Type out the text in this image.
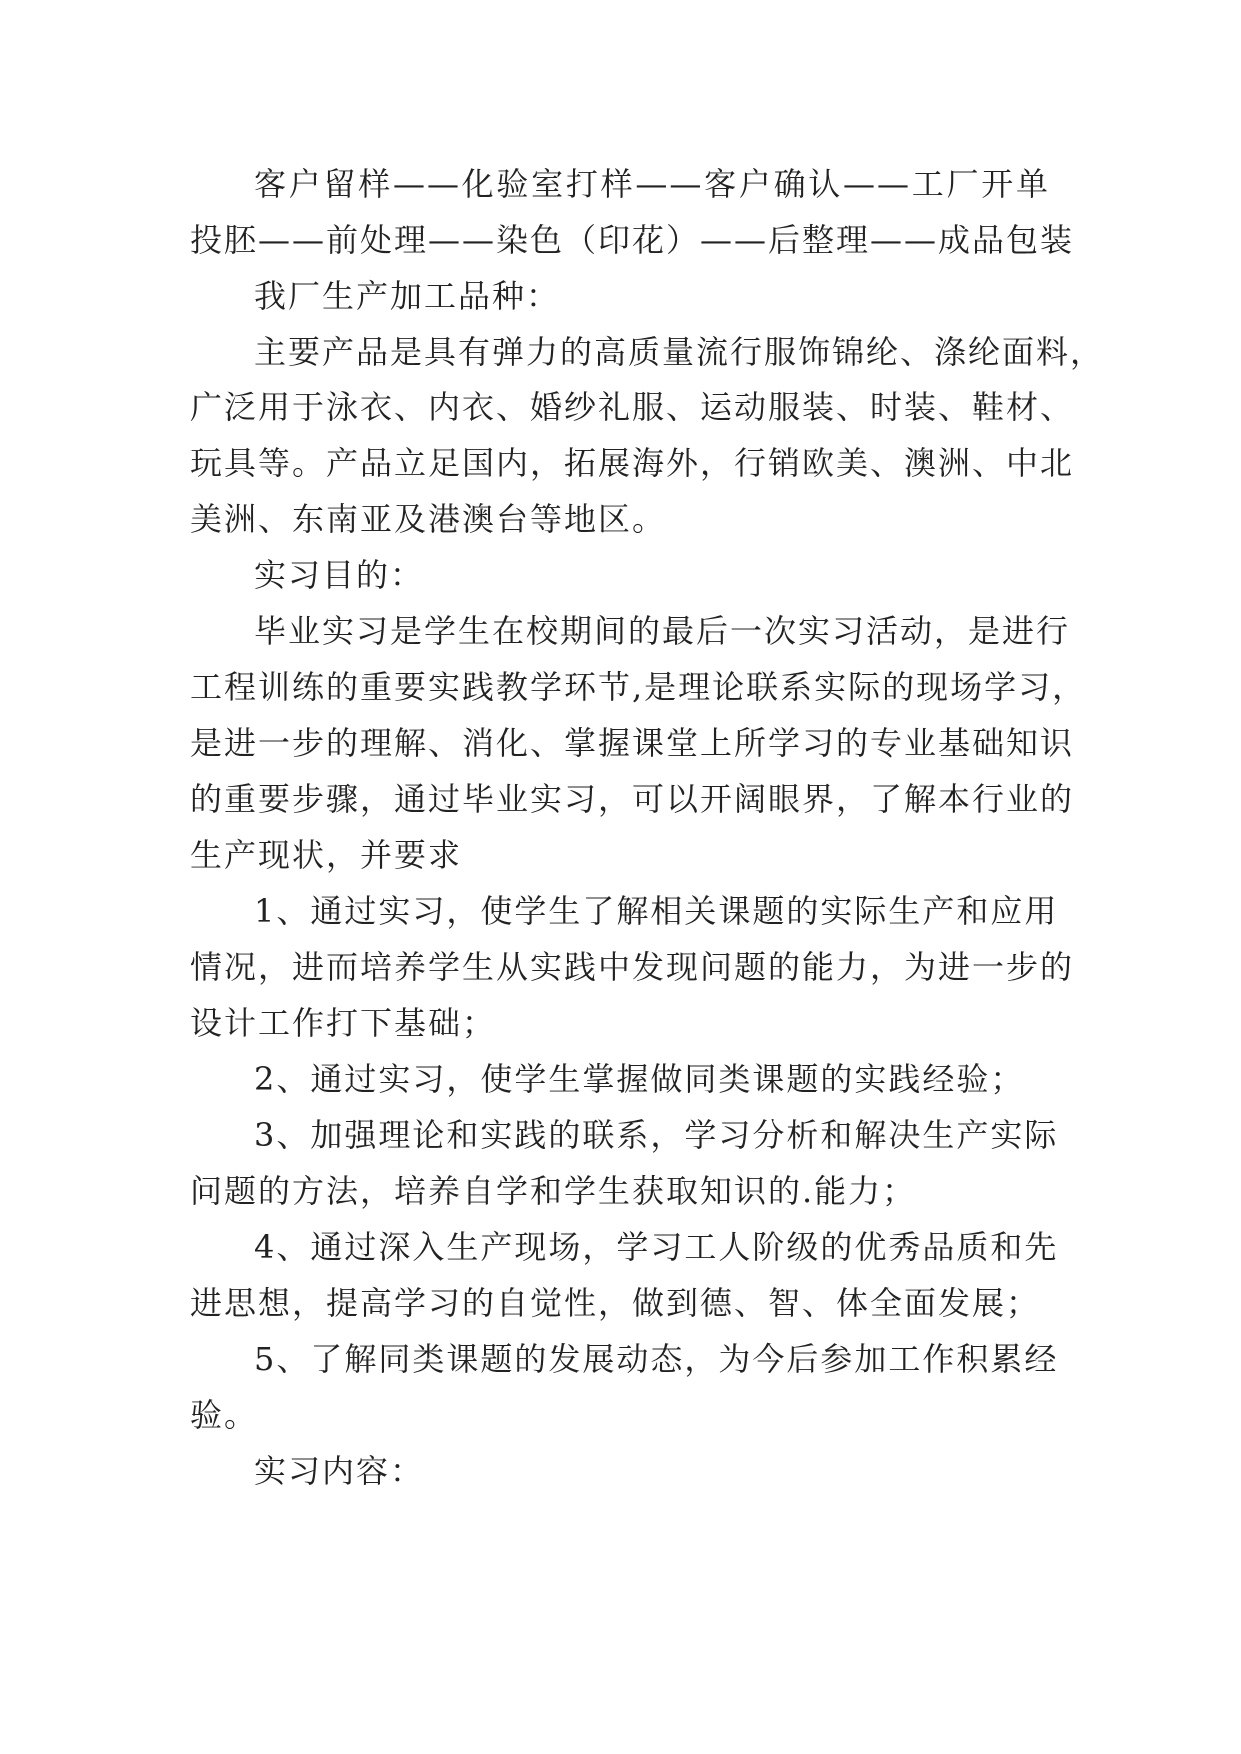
客户留样——化验室打样——客户确认——工厂开单
投胚——前处理——染色（印花）——后整理——成品包装
我厂生产加工品种：
主要产品是具有弹力的高质量流行服饰锦纶、涤纶面料，
广泛用于泳衣、内衣、婚纱礼服、运动服装、时装、鞋材、
玩具等。产品立足国内，拓展海外，行销欧美、澳洲、中北
美洲、东南亚及港澳台等地区。
实习目的：
毕业实习是学生在校期间的最后一次实习活动，是进行
工程训练的重要实践教学环节,是理论联系实际的现场学习，
是进一步的理解、消化、掌握课堂上所学习的专业基础知识
的重要步骤，通过毕业实习，可以开阔眼界，了解本行业的
生产现状，并要求
1、通过实习，使学生了解相关课题的实际生产和应用
情况，进而培养学生从实践中发现问题的能力，为进一步的
设计工作打下基础；
2、通过实习，使学生掌握做同类课题的实践经验；
3、加强理论和实践的联系，学习分析和解决生产实际
问题的方法，培养自学和学生获取知识的.能力；
4、通过深入生产现场，学习工人阶级的优秀品质和先
进思想，提高学习的自觉性，做到德、智、体全面发展；
5、了解同类课题的发展动态，为今后参加工作积累经
验。
实习内容：
